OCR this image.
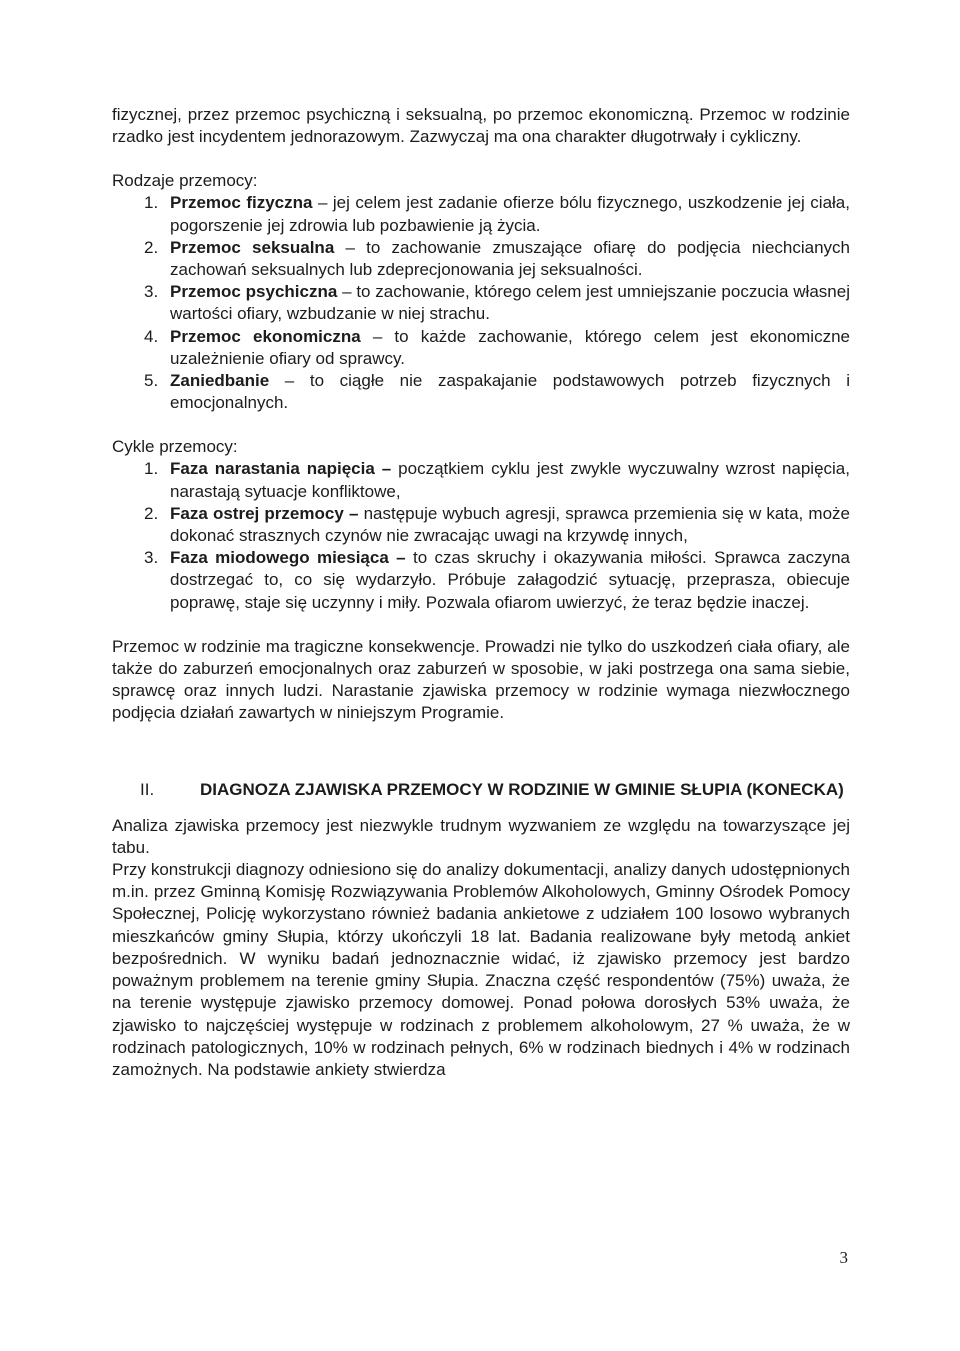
fizycznej, przez przemoc psychiczną i seksualną, po przemoc ekonomiczną. Przemoc w rodzinie rzadko jest incydentem jednorazowym. Zazwyczaj ma ona charakter długotrwały i cykliczny.

Rodzaje przemocy:

1. Przemoc fizyczna – jej celem jest zadanie ofierze bólu fizycznego, uszkodzenie jej ciała, pogorszenie jej zdrowia lub pozbawienie ją życia.
2. Przemoc seksualna – to zachowanie zmuszające ofiarę do podjęcia niechcianych zachowań seksualnych lub zdeprecjonowania jej seksualności.
3. Przemoc psychiczna – to zachowanie, którego celem jest umniejszanie poczucia własnej wartości ofiary, wzbudzanie w niej strachu.
4. Przemoc ekonomiczna – to każde zachowanie, którego celem jest ekonomiczne uzależnienie ofiary od sprawcy.
5. Zaniedbanie – to ciągłe nie zaspakajanie podstawowych potrzeb fizycznych i emocjonalnych.

Cykle przemocy:

1. Faza narastania napięcia – początkiem cyklu jest zwykle wyczuwalny wzrost napięcia, narastają sytuacje konfliktowe,
2. Faza ostrej przemocy – następuje wybuch agresji, sprawca przemienia się w kata, może dokonać strasznych czynów nie zwracając uwagi na krzywdę innych,
3. Faza miodowego miesiąca – to czas skruchy i okazywania miłości. Sprawca zaczyna dostrzegać to, co się wydarzyło. Próbuje załagodzić sytuację, przeprasza, obiecuje poprawę, staje się uczynny i miły. Pozwala ofiarom uwierzyć, że teraz będzie inaczej.

Przemoc w rodzinie ma tragiczne konsekwencje. Prowadzi nie tylko do uszkodzeń ciała ofiary, ale także do zaburzeń emocjonalnych oraz zaburzeń w sposobie, w jaki postrzega ona sama siebie, sprawcę oraz innych ludzi. Narastanie zjawiska przemocy w rodzinie wymaga niezwłocznego podjęcia działań zawartych w niniejszym Programie.

II.	DIAGNOZA ZJAWISKA PRZEMOCY W RODZINIE W GMINIE SŁUPIA (KONECKA)

Analiza zjawiska przemocy jest niezwykle trudnym wyzwaniem ze względu na towarzyszące jej tabu.

Przy konstrukcji diagnozy odniesiono się do analizy dokumentacji, analizy danych udostępnionych m.in. przez Gminną Komisję Rozwiązywania Problemów Alkoholowych, Gminny Ośrodek Pomocy Społecznej, Policję wykorzystano również badania ankietowe z udziałem 100 losowo wybranych mieszkańców gminy Słupia, którzy ukończyli 18 lat. Badania realizowane były metodą ankiet bezpośrednich. W wyniku badań jednoznacznie widać, iż zjawisko przemocy jest bardzo poważnym problemem na terenie gminy Słupia. Znaczna część respondentów (75%) uważa, że na terenie występuje zjawisko przemocy domowej. Ponad połowa dorosłych 53% uważa, że zjawisko to najczęściej występuje w rodzinach z problemem alkoholowym, 27 % uważa, że w rodzinach patologicznych, 10% w rodzinach pełnych, 6% w rodzinach biednych i 4% w rodzinach zamożnych. Na podstawie ankiety stwierdza

3
